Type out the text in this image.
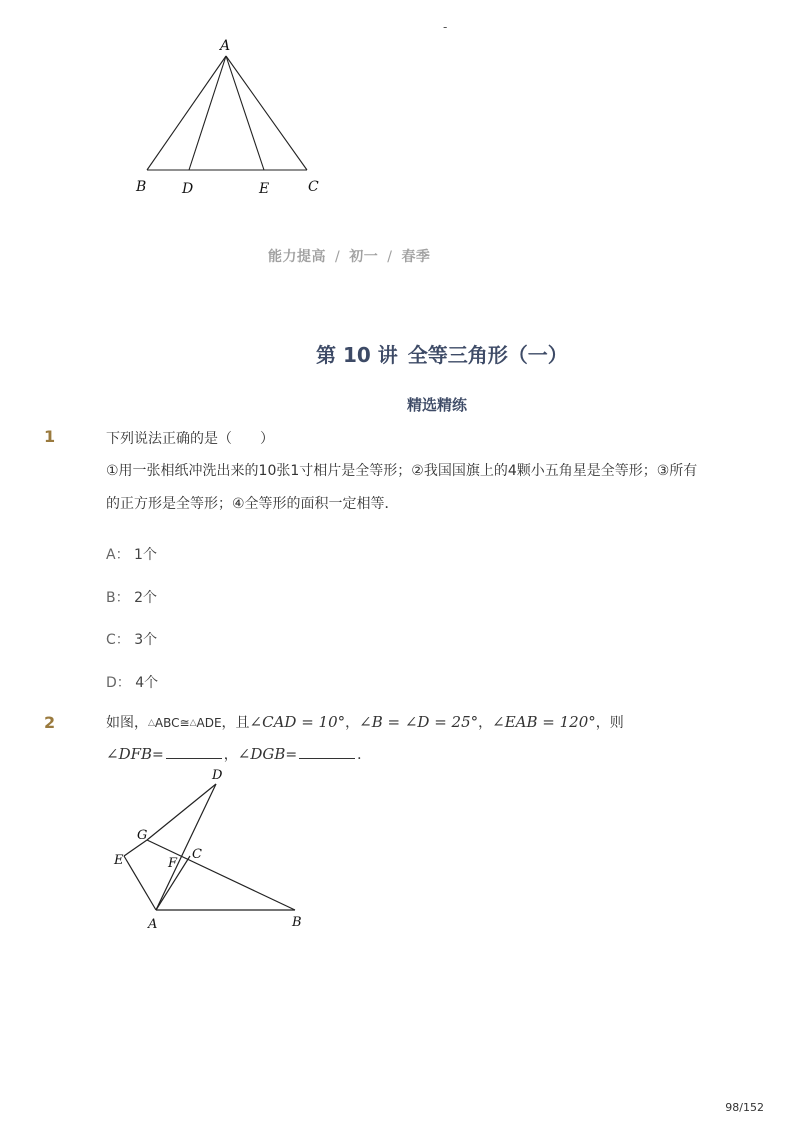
-
A
B	D	E	C
能力提高 / 初一 / 春季
第 10 讲 全等三角形（一）
精选精练
1	下列说法正确的是（　　）
①用一张相纸冲洗出来的10张1寸相片是全等形；②我国国旗上的4颗小五角星是全等形；③所有
的正方形是全等形；④全等形的面积一定相等．
A： 1个
B： 2个
C： 3个
D： 4个
2	如图，△ABC≅△ADE，且∠CAD = 10°，∠B = ∠D = 25°，∠EAB = 120°，则
∠DFB=	，∠DGB=	．
D
G
E	F
C
A	B
98/152
